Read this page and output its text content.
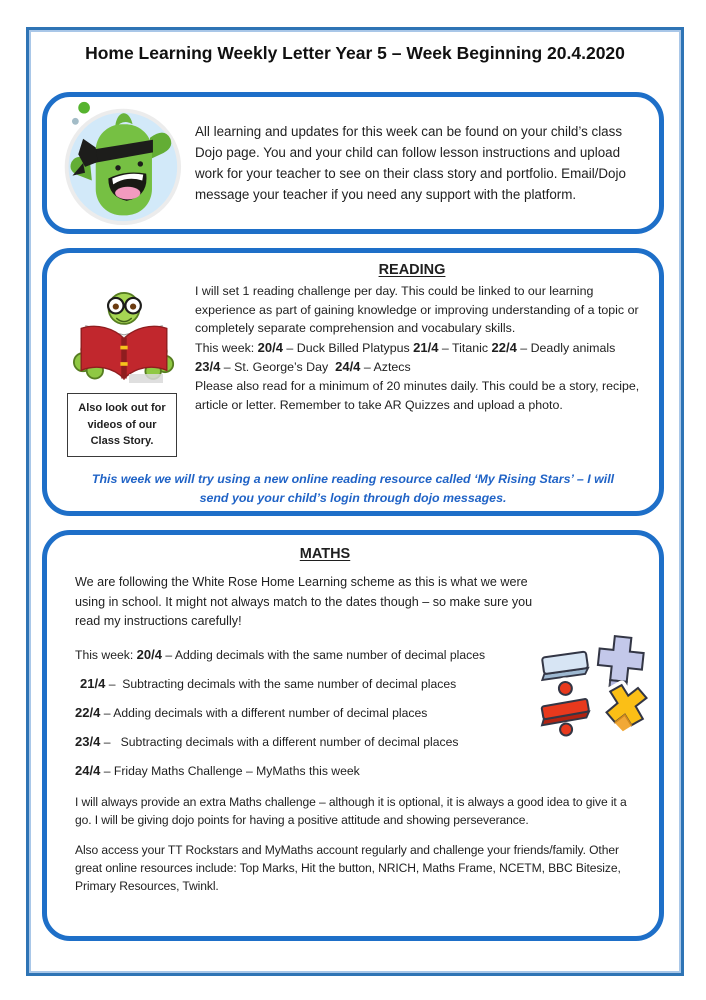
Home Learning Weekly Letter Year 5 – Week Beginning 20.4.2020

All learning and updates for this week can be found on your child’s class Dojo page. You and your child can follow lesson instructions and upload work for your teacher to see on their class story and portfolio. Email/Dojo message your teacher if you need any support with the platform.

READING
Also look out for videos of our Class Story.

I will set 1 reading challenge per day. This could be linked to our learning experience as part of gaining knowledge or improving understanding of a topic or completely separate comprehension and vocabulary skills.

This week: 20/4 – Duck Billed Platypus 21/4 – Titanic 22/4 – Deadly animals

23/4 – St. George’s Day  24/4 – Aztecs

Please also read for a minimum of 20 minutes daily. This could be a story, recipe, article or letter. Remember to take AR Quizzes and upload a photo.

This week we will try using a new online reading resource called ‘My Rising Stars’ – I will send you your child’s login through dojo messages.
MATHS

We are following the White Rose Home Learning scheme as this is what we were using in school. It might not always match to the dates though – so make sure you read my instructions carefully!

This week: 20/4 – Adding decimals with the same number of decimal places
21/4 –  Subtracting decimals with the same number of decimal places
22/4 – Adding decimals with a different number of decimal places
23/4 –   Subtracting decimals with a different number of decimal places
24/4 – Friday Maths Challenge – MyMaths this week

I will always provide an extra Maths challenge – although it is optional, it is always a good idea to give it a go. I will be giving dojo points for having a positive attitude and showing perseverance.

Also access your TT Rockstars and MyMaths account regularly and challenge your friends/family. Other great online resources include: Top Marks, Hit the button, NRICH, Maths Frame, NCETM, BBC Bitesize, Primary Resources, Twinkl.
